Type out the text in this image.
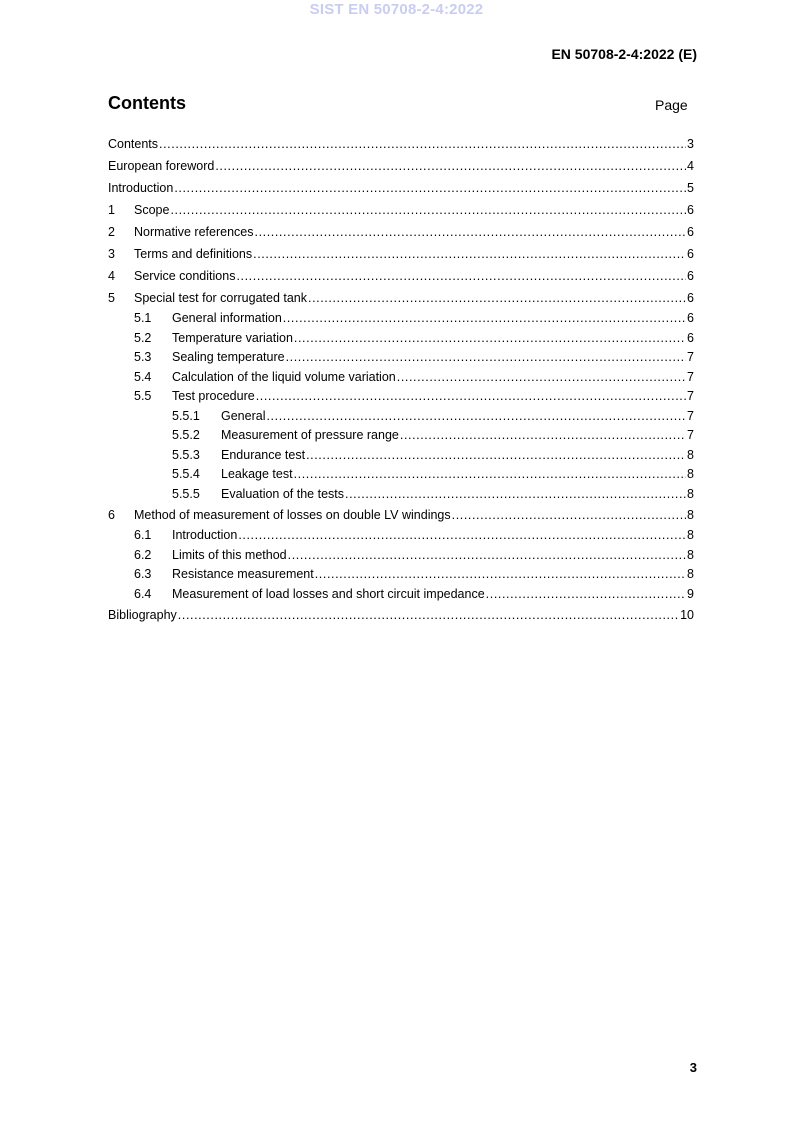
SIST EN 50708-2-4:2022
EN 50708-2-4:2022 (E)
Contents	Page
Contents .....	3
European foreword .....	4
Introduction .....	5
1	Scope .....	6
2	Normative references .....	6
3	Terms and definitions .....	6
4	Service conditions .....	6
5	Special test for corrugated tank .....	6
5.1	General information .....	6
5.2	Temperature variation .....	6
5.3	Sealing temperature .....	7
5.4	Calculation of the liquid volume variation .....	7
5.5	Test procedure .....	7
5.5.1	General .....	7
5.5.2	Measurement of pressure range .....	7
5.5.3	Endurance test .....	8
5.5.4	Leakage test .....	8
5.5.5	Evaluation of the tests .....	8
6	Method of measurement of losses on double LV windings .....	8
6.1	Introduction .....	8
6.2	Limits of this method .....	8
6.3	Resistance measurement .....	8
6.4	Measurement of load losses and short circuit impedance .....	9
Bibliography .....	10
3
